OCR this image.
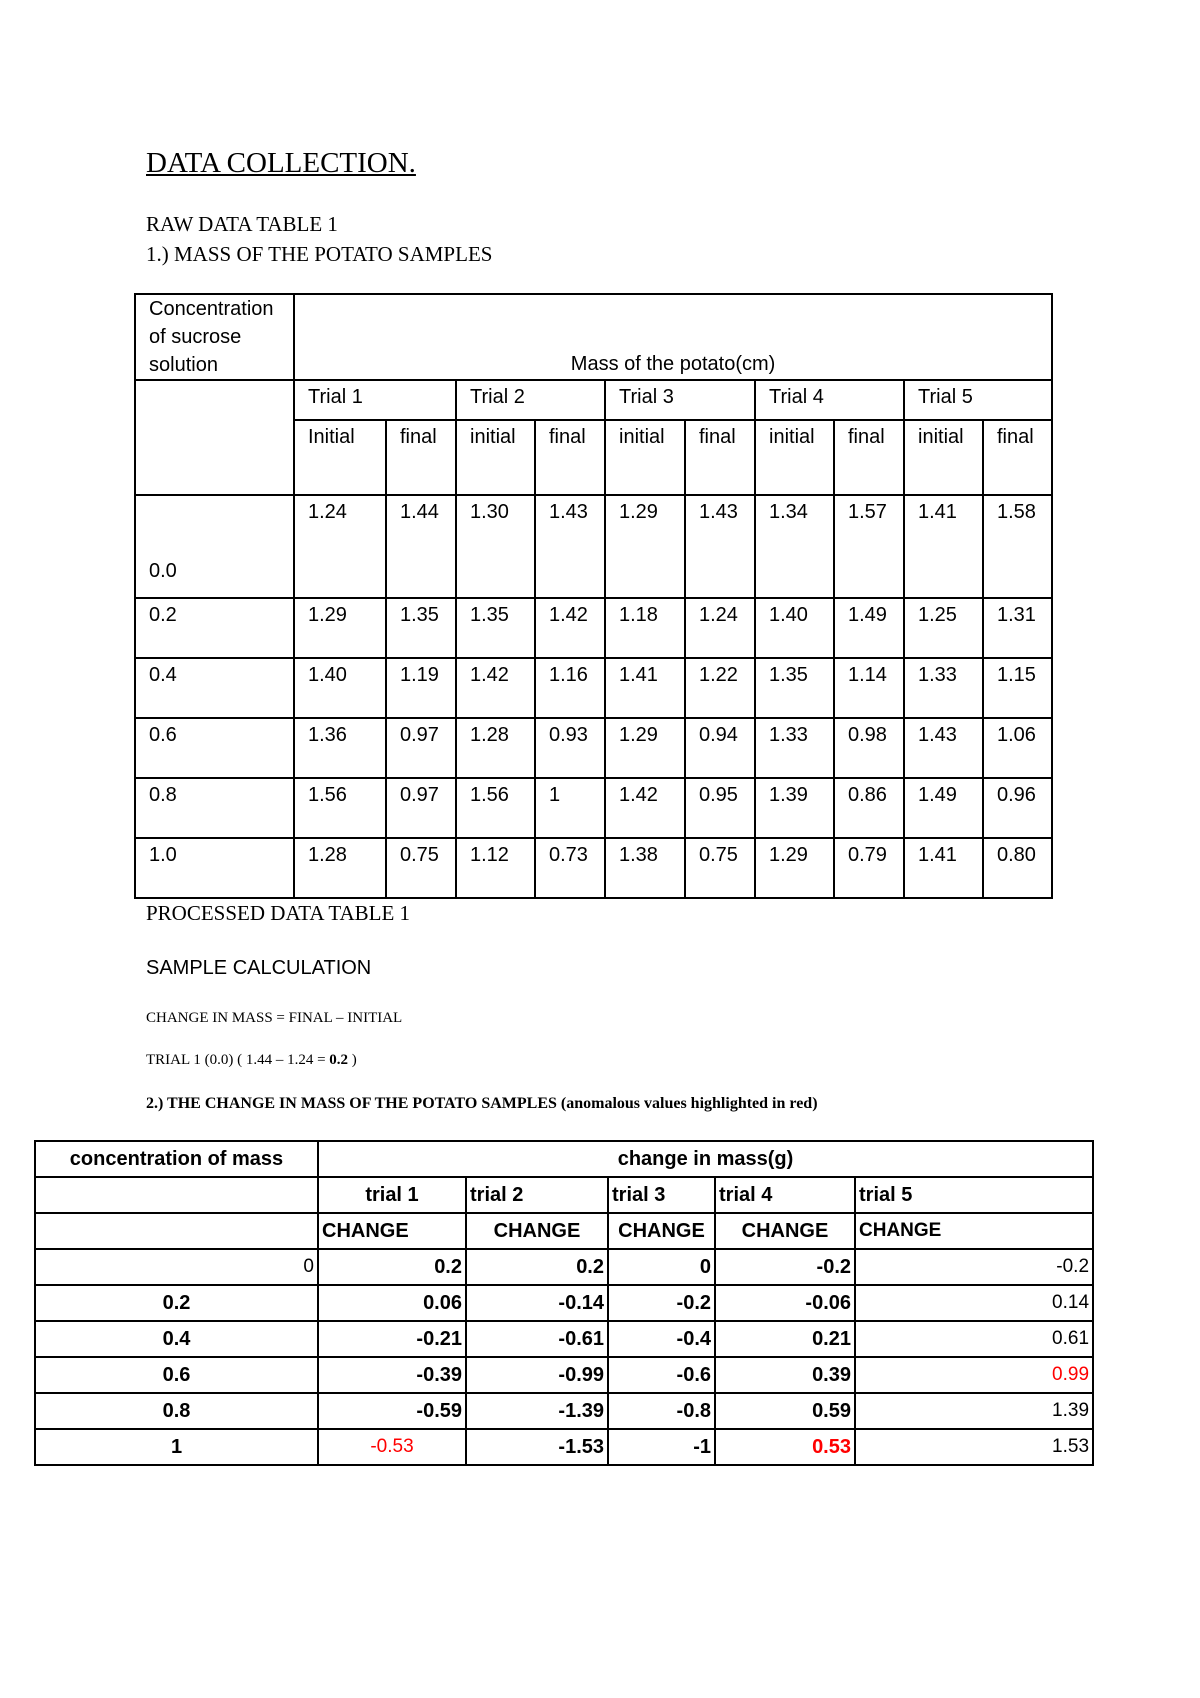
DATA COLLECTION.
RAW DATA TABLE 1
1.) MASS OF THE POTATO SAMPLES
Concentration of sucrose solution	Mass of the potato(cm)									
	Trial 1		Trial 2		Trial 3		Trial 4		Trial 5	
	Initial	final	initial	final	initial	final	initial	final	initial	final
0.0	1.24	1.44	1.30	1.43	1.29	1.43	1.34	1.57	1.41	1.58
0.2	1.29	1.35	1.35	1.42	1.18	1.24	1.40	1.49	1.25	1.31
0.4	1.40	1.19	1.42	1.16	1.41	1.22	1.35	1.14	1.33	1.15
0.6	1.36	0.97	1.28	0.93	1.29	0.94	1.33	0.98	1.43	1.06
0.8	1.56	0.97	1.56	1	1.42	0.95	1.39	0.86	1.49	0.96
1.0	1.28	0.75	1.12	0.73	1.38	0.75	1.29	0.79	1.41	0.80
PROCESSED DATA TABLE 1
SAMPLE CALCULATION
CHANGE IN MASS = FINAL – INITIAL
TRIAL 1 (0.0) ( 1.44 – 1.24 = 0.2 )
2.) THE CHANGE IN MASS OF THE POTATO SAMPLES (anomalous values highlighted in red)
concentration of mass	change in mass(g)				
	trial 1	trial 2	trial 3	trial 4	trial 5
	CHANGE	CHANGE	CHANGE	CHANGE	CHANGE
0	0.2	0.2	0	-0.2	-0.2
0.2	0.06	-0.14	-0.2	-0.06	0.14
0.4	-0.21	-0.61	-0.4	0.21	0.61
0.6	-0.39	-0.99	-0.6	0.39	0.99
0.8	-0.59	-1.39	-0.8	0.59	1.39
1	-0.53	-1.53	-1	0.53	1.53
